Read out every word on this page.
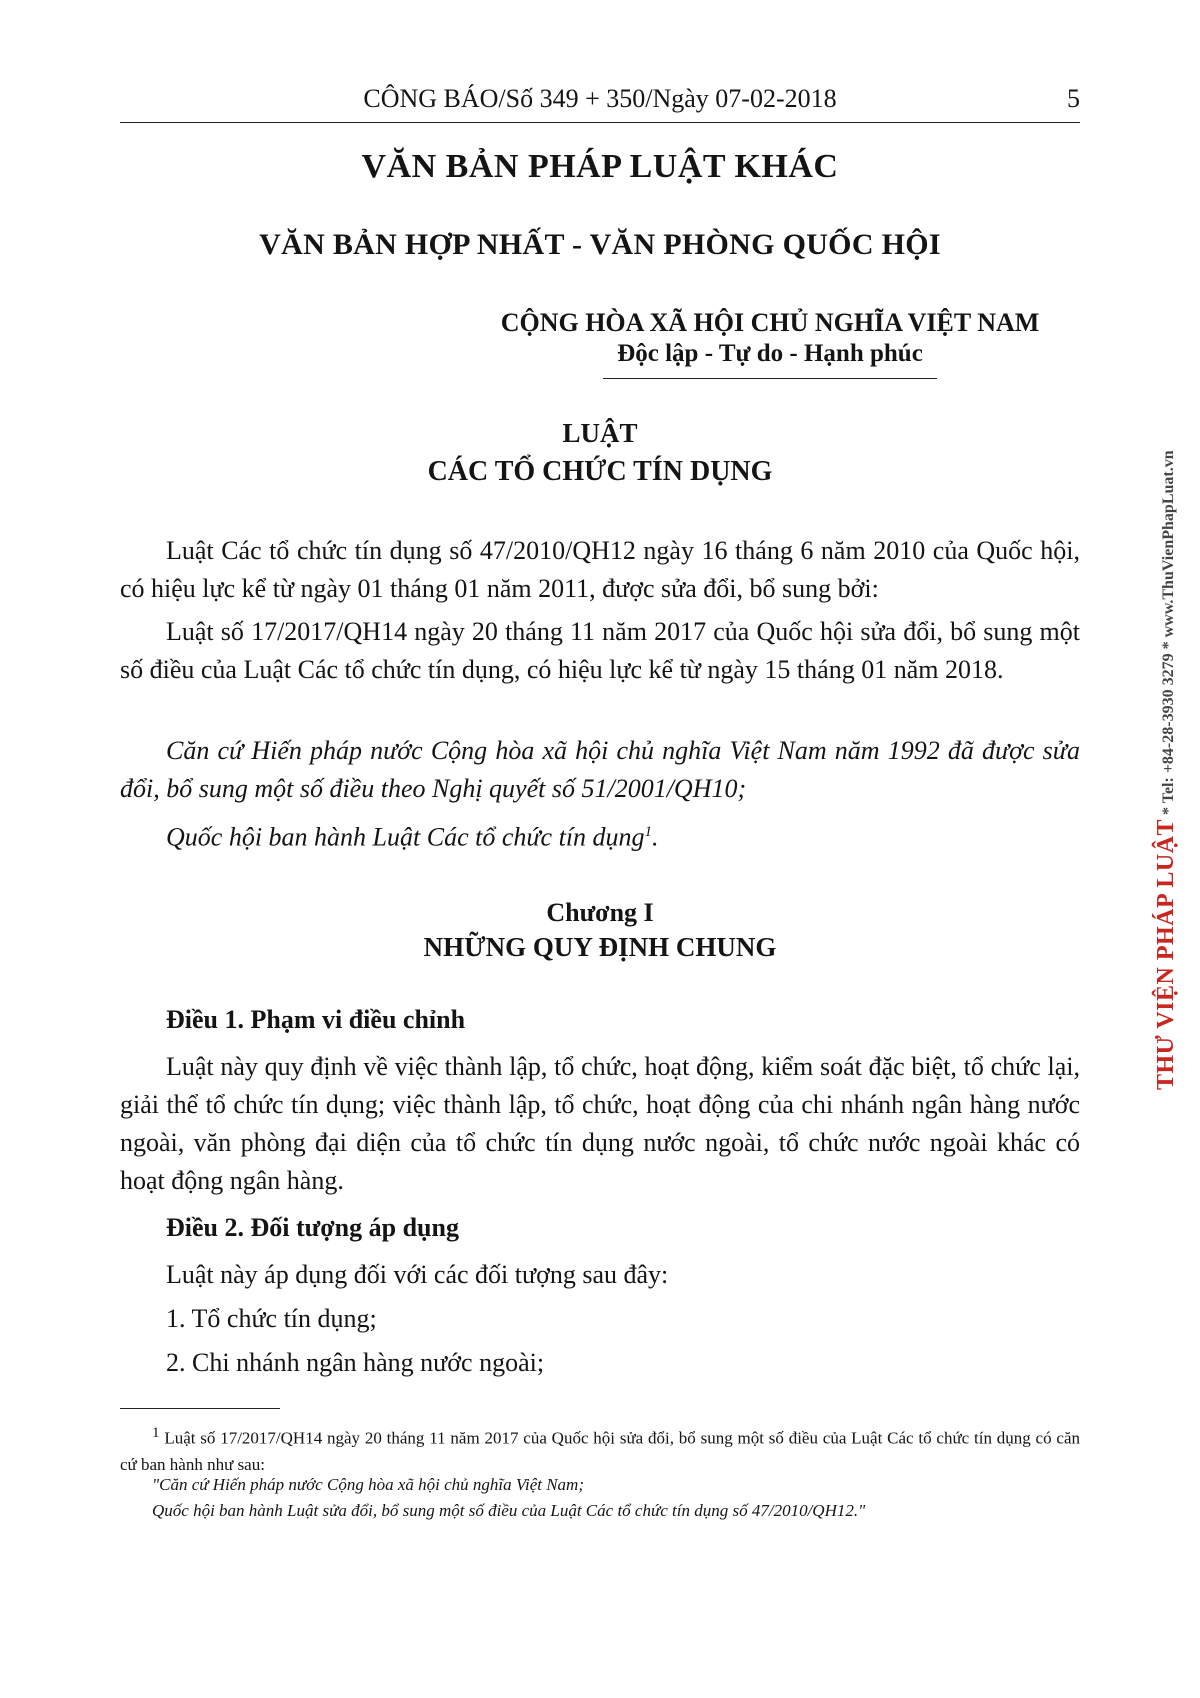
CÔNG BÁO/Số 349 + 350/Ngày 07-02-2018	5
VĂN BẢN PHÁP LUẬT KHÁC
VĂN BẢN HỢP NHẤT - VĂN PHÒNG QUỐC HỘI
CỘNG HÒA XÃ HỘI CHỦ NGHĨA VIỆT NAM
Độc lập - Tự do - Hạnh phúc
LUẬT
CÁC TỔ CHỨC TÍN DỤNG
Luật Các tổ chức tín dụng số 47/2010/QH12 ngày 16 tháng 6 năm 2010 của Quốc hội, có hiệu lực kể từ ngày 01 tháng 01 năm 2011, được sửa đổi, bổ sung bởi:
Luật số 17/2017/QH14 ngày 20 tháng 11 năm 2017 của Quốc hội sửa đổi, bổ sung một số điều của Luật Các tổ chức tín dụng, có hiệu lực kể từ ngày 15 tháng 01 năm 2018.
Căn cứ Hiến pháp nước Cộng hòa xã hội chủ nghĩa Việt Nam năm 1992 đã được sửa đổi, bổ sung một số điều theo Nghị quyết số 51/2001/QH10;
Quốc hội ban hành Luật Các tổ chức tín dụng$^1$.
Chương I
NHỮNG QUY ĐỊNH CHUNG
Điều 1. Phạm vi điều chỉnh
Luật này quy định về việc thành lập, tổ chức, hoạt động, kiểm soát đặc biệt, tổ chức lại, giải thể tổ chức tín dụng; việc thành lập, tổ chức, hoạt động của chi nhánh ngân hàng nước ngoài, văn phòng đại diện của tổ chức tín dụng nước ngoài, tổ chức nước ngoài khác có hoạt động ngân hàng.
Điều 2. Đối tượng áp dụng
Luật này áp dụng đối với các đối tượng sau đây:
1. Tổ chức tín dụng;
2. Chi nhánh ngân hàng nước ngoài;
$^1$ Luật số 17/2017/QH14 ngày 20 tháng 11 năm 2017 của Quốc hội sửa đổi, bổ sung một số điều của Luật Các tổ chức tín dụng có căn cứ ban hành như sau:
"Căn cứ Hiến pháp nước Cộng hòa xã hội chủ nghĩa Việt Nam;
Quốc hội ban hành Luật sửa đổi, bổ sung một số điều của Luật Các tổ chức tín dụng số 47/2010/QH12."
THƯ VIỆN PHÁP LUẬT * Tel: +84-28-3930 3279 * www.ThuVienPhapLuat.vn
